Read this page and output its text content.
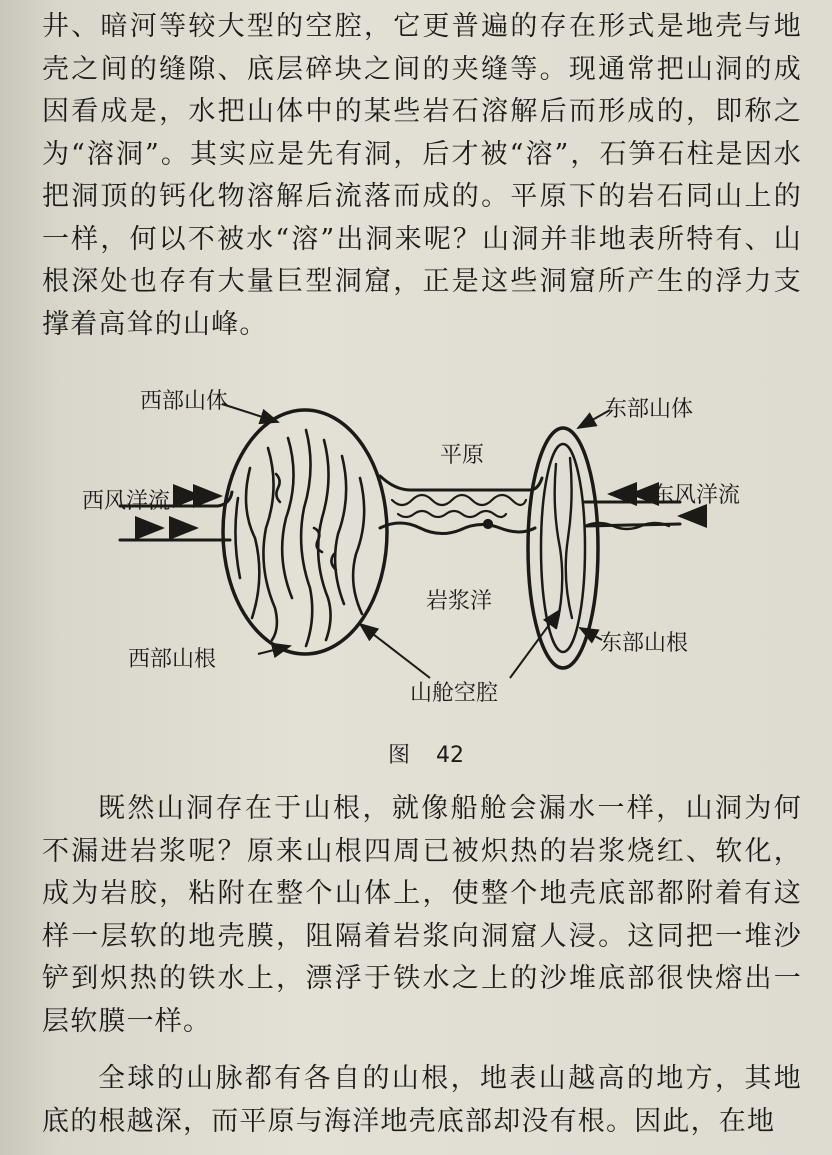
井、暗河等较大型的空腔，它更普遍的存在形式是地壳与地壳之间的缝隙、底层碎块之间的夹缝等。现通常把山洞的成因看成是，水把山体中的某些岩石溶解后而形成的，即称之为“溶洞”。其实应是先有洞，后才被“溶”，石笋石柱是因水把洞顶的钙化物溶解后流落而成的。平原下的岩石同山上的一样，何以不被水“溶”出洞来呢？山洞并非地表所特有、山根深处也存有大量巨型洞窟，正是这些洞窟所产生的浮力支撑着高耸的山峰。

西部山体	东部山体
平原
西风洋流	东风洋流
岩浆洋
西部山根
东部山根
山舱空腔
图 42

既然山洞存在于山根，就像船舱会漏水一样，山洞为何不漏进岩浆呢？原来山根四周已被炽热的岩浆烧红、软化，成为岩胶，粘附在整个山体上，使整个地壳底部都附着有这样一层软的地壳膜，阻隔着岩浆向洞窟人浸。这同把一堆沙铲到炽热的铁水上，漂浮于铁水之上的沙堆底部很快熔出一层软膜一样。

全球的山脉都有各自的山根，地表山越高的地方，其地底的根越深，而平原与海洋地壳底部却没有根。因此，在地
